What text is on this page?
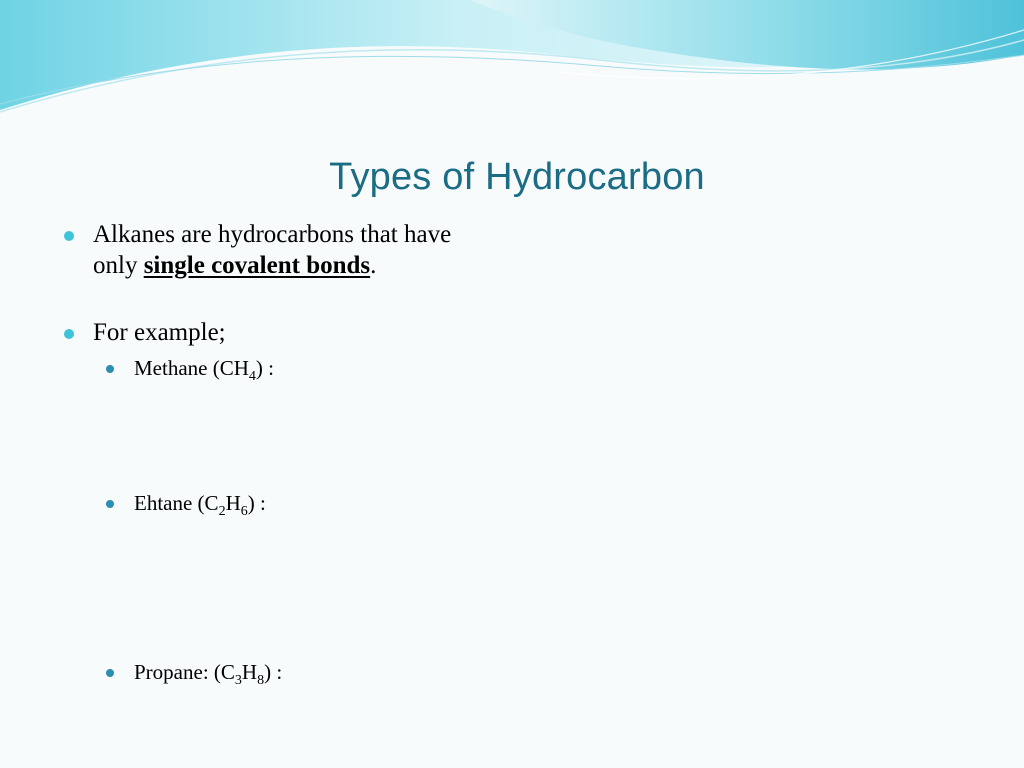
Types of Hydrocarbon
Alkanes are hydrocarbons that have only single covalent bonds.
For example;
Methane $(CH_4)$ :
Ehtane $(C_2H_6)$ :
Propane: $(C_3H_8)$ :
